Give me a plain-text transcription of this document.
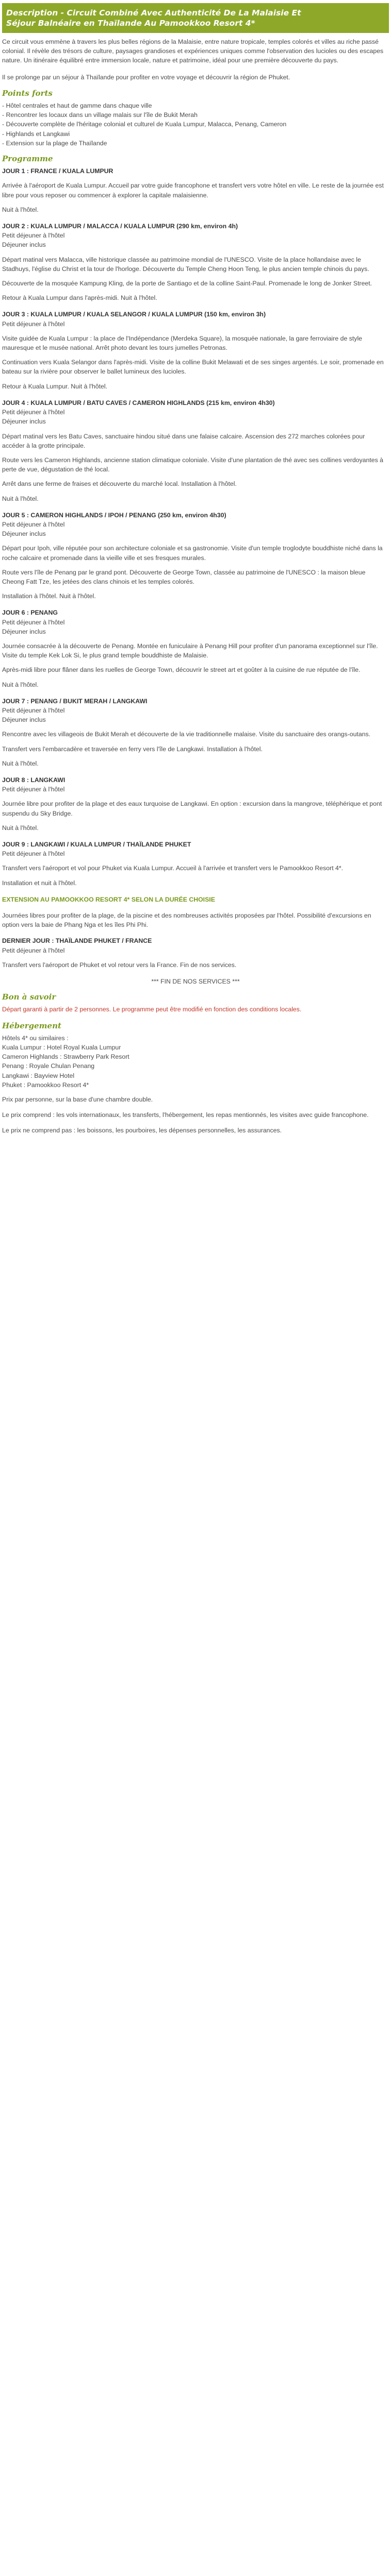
Description - Circuit Combiné Avec Authenticité De La Malaisie Et
Séjour Balnéaire en Thaïlande Au Pamookkoo Resort 4*

Ce circuit vous emmène à travers les plus belles régions de la Malaisie, entre nature tropicale, temples colorés et villes au riche passé colonial. Il révèle des trésors de culture, paysages grandioses et expériences uniques comme l'observation des lucioles ou des escapes nature. Un itinéraire équilibré entre immersion locale, nature et patrimoine, idéal pour une première découverte du pays.

Il se prolonge par un séjour à Thaïlande pour profiter en votre voyage et découvrir la région de Phuket.

Points forts

- Hôtel centrales et haut de gamme dans chaque ville

- Rencontrer les locaux dans un village malais sur l'île de Bukit Merah

- Découverte complète de l'héritage colonial et culturel de Kuala Lumpur, Malacca, Penang, Cameron

- Highlands et Langkawi

- Extension sur la plage de Thaïlande

Programme
JOUR 1 : FRANCE / KUALA LUMPUR

Arrivée à l'aéroport de Kuala Lumpur. Accueil par votre guide francophone et transfert vers votre hôtel en ville. Le reste de la journée est libre pour vous reposer ou commencer à explorer la capitale malaisienne.

Nuit à l'hôtel.

JOUR 2 : KUALA LUMPUR / MALACCA / KUALA LUMPUR (290 km, environ 4h)
Petit déjeuner à l'hôtel
Déjeuner inclus

Départ matinal vers Malacca, ville historique classée au patrimoine mondial de l'UNESCO. Visite de la place hollandaise avec le Stadhuys, l'église du Christ et la tour de l'horloge. Découverte du Temple Cheng Hoon Teng, le plus ancien temple chinois du pays.

Découverte de la mosquée Kampung Kling, de la porte de Santiago et de la colline Saint-Paul. Promenade le long de Jonker Street.

Retour à Kuala Lumpur dans l'après-midi. Nuit à l'hôtel.

JOUR 3 : KUALA LUMPUR / KUALA SELANGOR / KUALA LUMPUR (150 km, environ 3h)
Petit déjeuner à l'hôtel

Visite guidée de Kuala Lumpur : la place de l'Indépendance (Merdeka Square), la mosquée nationale, la gare ferroviaire de style mauresque et le musée national. Arrêt photo devant les tours jumelles Petronas.

Continuation vers Kuala Selangor dans l'après-midi. Visite de la colline Bukit Melawati et de ses singes argentés. Le soir, promenade en bateau sur la rivière pour observer le ballet lumineux des lucioles.

Retour à Kuala Lumpur. Nuit à l'hôtel.

JOUR 4 : KUALA LUMPUR / BATU CAVES / CAMERON HIGHLANDS (215 km, environ 4h30)
Petit déjeuner à l'hôtel
Déjeuner inclus

Départ matinal vers les Batu Caves, sanctuaire hindou situé dans une falaise calcaire. Ascension des 272 marches colorées pour accéder à la grotte principale.

Route vers les Cameron Highlands, ancienne station climatique coloniale. Visite d'une plantation de thé avec ses collines verdoyantes à perte de vue, dégustation de thé local.

Arrêt dans une ferme de fraises et découverte du marché local. Installation à l'hôtel.

Nuit à l'hôtel.

JOUR 5 : CAMERON HIGHLANDS / IPOH / PENANG (250 km, environ 4h30)
Petit déjeuner à l'hôtel
Déjeuner inclus

Départ pour Ipoh, ville réputée pour son architecture coloniale et sa gastronomie. Visite d'un temple troglodyte bouddhiste niché dans la roche calcaire et promenade dans la vieille ville et ses fresques murales.

Route vers l'île de Penang par le grand pont. Découverte de George Town, classée au patrimoine de l'UNESCO : la maison bleue Cheong Fatt Tze, les jetées des clans chinois et les temples colorés.

Installation à l'hôtel. Nuit à l'hôtel.

JOUR 6 : PENANG
Petit déjeuner à l'hôtel
Déjeuner inclus

Journée consacrée à la découverte de Penang. Montée en funiculaire à Penang Hill pour profiter d'un panorama exceptionnel sur l'île. Visite du temple Kek Lok Si, le plus grand temple bouddhiste de Malaisie.

Après-midi libre pour flâner dans les ruelles de George Town, découvrir le street art et goûter à la cuisine de rue réputée de l'île.

Nuit à l'hôtel.

JOUR 7 : PENANG / BUKIT MERAH / LANGKAWI
Petit déjeuner à l'hôtel
Déjeuner inclus

Rencontre avec les villageois de Bukit Merah et découverte de la vie traditionnelle malaise. Visite du sanctuaire des orangs-outans.

Transfert vers l'embarcadère et traversée en ferry vers l'île de Langkawi. Installation à l'hôtel.

Nuit à l'hôtel.

JOUR 8 : LANGKAWI
Petit déjeuner à l'hôtel

Journée libre pour profiter de la plage et des eaux turquoise de Langkawi. En option : excursion dans la mangrove, téléphérique et pont suspendu du Sky Bridge.

Nuit à l'hôtel.

JOUR 9 : LANGKAWI / KUALA LUMPUR / THAÏLANDE PHUKET
Petit déjeuner à l'hôtel

Transfert vers l'aéroport et vol pour Phuket via Kuala Lumpur. Accueil à l'arrivée et transfert vers le Pamookkoo Resort 4*.

Installation et nuit à l'hôtel.

EXTENSION AU PAMOOKKOO RESORT 4* SELON LA DURÉE CHOISIE

Journées libres pour profiter de la plage, de la piscine et des nombreuses activités proposées par l'hôtel. Possibilité d'excursions en option vers la baie de Phang Nga et les îles Phi Phi.

DERNIER JOUR : THAÏLANDE PHUKET / FRANCE
Petit déjeuner à l'hôtel

Transfert vers l'aéroport de Phuket et vol retour vers la France. Fin de nos services.

*** FIN DE NOS SERVICES ***

Bon à savoir

Départ garanti à partir de 2 personnes. Le programme peut être modifié en fonction des conditions locales.

Hébergement
Hôtels 4* ou similaires :
Kuala Lumpur : Hotel Royal Kuala Lumpur
Cameron Highlands : Strawberry Park Resort
Penang : Royale Chulan Penang
Langkawi : Bayview Hotel
Phuket : Pamookkoo Resort 4*

Prix par personne, sur la base d'une chambre double.

Le prix comprend : les vols internationaux, les transferts, l'hébergement, les repas mentionnés, les visites avec guide francophone.

Le prix ne comprend pas : les boissons, les pourboires, les dépenses personnelles, les assurances.
